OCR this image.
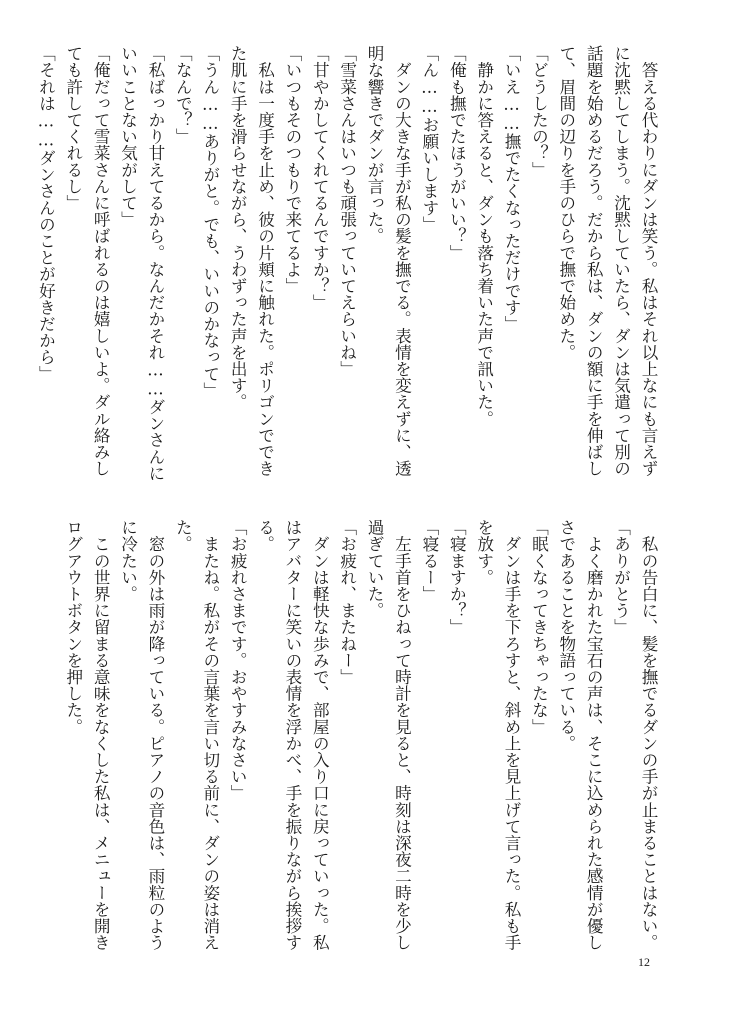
　答える代わりにダンは笑う。私はそれ以上なにも言えず
に沈黙してしまう。沈黙していたら、ダンは気遣って別の
話題を始めるだろう。だから私は、ダンの額に手を伸ばし
て、眉間の辺りを手のひらで撫で始めた。
「どうしたの？」
「いえ……撫でたくなっただけです」
　静かに答えると、ダンも落ち着いた声で訊いた。
「俺も撫でたほうがいい？」
「ん……お願いします」
　ダンの大きな手が私の髪を撫でる。表情を変えずに、透
明な響きでダンが言った。
「雪菜さんはいつも頑張っていてえらいね」
「甘やかしてくれてるんですか？」
「いつもそのつもりで来てるよ」
　私は一度手を止め、彼の片頬に触れた。ポリゴンででき
た肌に手を滑らせながら、うわずった声を出す。
「うん……ありがと。でも、いいのかなって」
「なんで？」
「私ばっかり甘えてるから。なんだかそれ……ダンさんに
いいことない気がして」
「俺だって雪菜さんに呼ばれるのは嬉しいよ。ダル絡みし
ても許してくれるし」
「それは……ダンさんのことが好きだから」
　私の告白に、髪を撫でるダンの手が止まることはない。
「ありがとう」
　よく磨かれた宝石の声は、そこに込められた感情が優し
さであることを物語っている。
「眠くなってきちゃったな」
　ダンは手を下ろすと、斜め上を見上げて言った。私も手
を放す。
「寝ますか？」
「寝るー」
　左手首をひねって時計を見ると、時刻は深夜二時を少し
過ぎていた。
「お疲れ、またねー」
　ダンは軽快な歩みで、部屋の入り口に戻っていった。私
はアバターに笑いの表情を浮かべ、手を振りながら挨拶す
る。
「お疲れさまです。おやすみなさい」
　またね。私がその言葉を言い切る前に、ダンの姿は消え
た。
　窓の外は雨が降っている。ピアノの音色は、雨粒のよう
に冷たい。
　この世界に留まる意味をなくした私は、メニューを開き
ログアウトボタンを押した。
12
